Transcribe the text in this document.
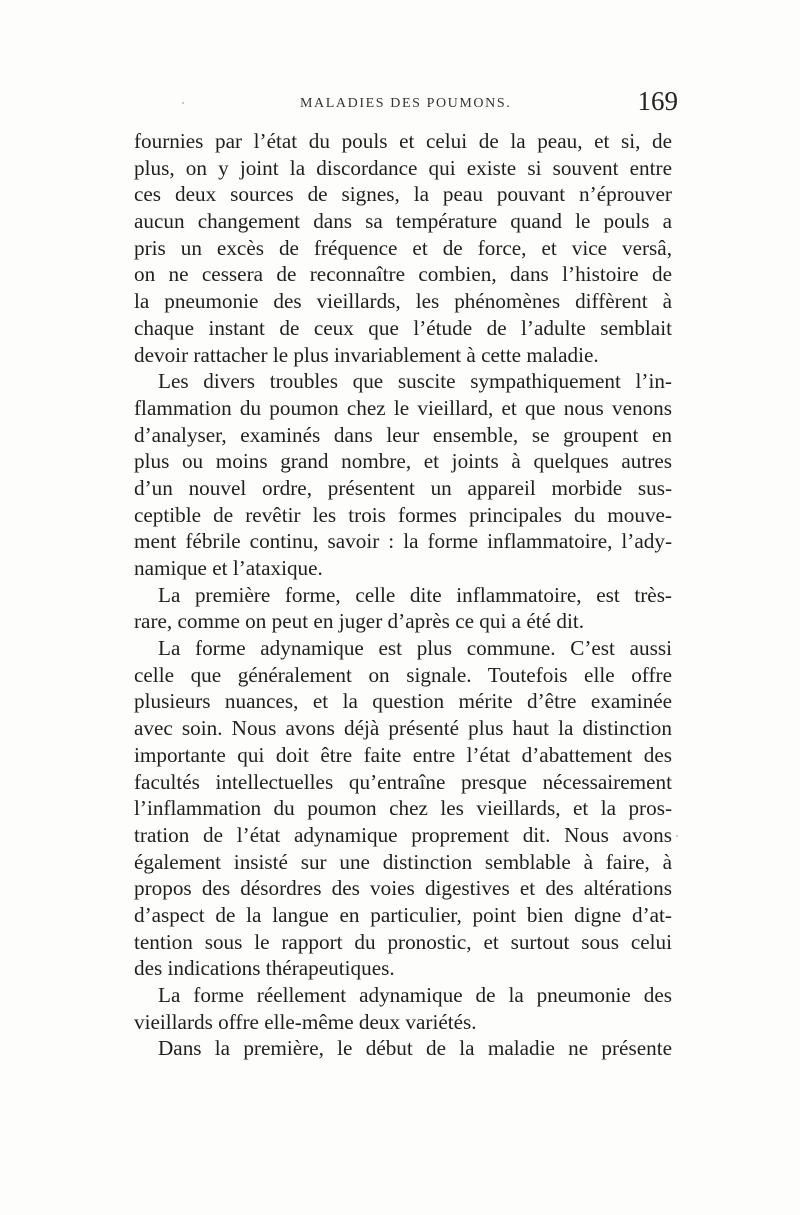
MALADIES DES POUMONS.	169
fournies par l’état du pouls et celui de la peau, et si, de
plus, on y joint la discordance qui existe si souvent entre
ces deux sources de signes, la peau pouvant n’éprouver
aucun changement dans sa température quand le pouls a
pris un excès de fréquence et de force, et vice versâ,
on ne cessera de reconnaître combien, dans l’histoire de
la pneumonie des vieillards, les phénomènes diffèrent à
chaque instant de ceux que l’étude de l’adulte semblait
devoir rattacher le plus invariablement à cette maladie.
Les divers troubles que suscite sympathiquement l’in-
flammation du poumon chez le vieillard, et que nous venons
d’analyser, examinés dans leur ensemble, se groupent en
plus ou moins grand nombre, et joints à quelques autres
d’un nouvel ordre, présentent un appareil morbide sus-
ceptible de revêtir les trois formes principales du mouve-
ment fébrile continu, savoir : la forme inflammatoire, l’ady-
namique et l’ataxique.
La première forme, celle dite inflammatoire, est très-
rare, comme on peut en juger d’après ce qui a été dit.
La forme adynamique est plus commune. C’est aussi
celle que généralement on signale. Toutefois elle offre
plusieurs nuances, et la question mérite d’être examinée
avec soin. Nous avons déjà présenté plus haut la distinction
importante qui doit être faite entre l’état d’abattement des
facultés intellectuelles qu’entraîne presque nécessairement
l’inflammation du poumon chez les vieillards, et la pros-
tration de l’état adynamique proprement dit. Nous avons
également insisté sur une distinction semblable à faire, à
propos des désordres des voies digestives et des altérations
d’aspect de la langue en particulier, point bien digne d’at-
tention sous le rapport du pronostic, et surtout sous celui
des indications thérapeutiques.
La forme réellement adynamique de la pneumonie des
vieillards offre elle-même deux variétés.
Dans la première, le début de la maladie ne présente
